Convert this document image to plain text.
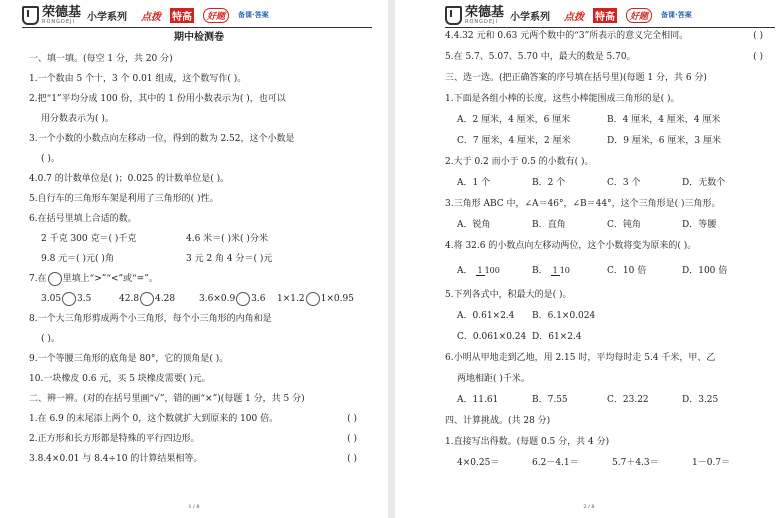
荣德基
RONGDEJI	小学系列 点拨 特高	好题	备课·答案
期中检测卷
一、填一填。(每空 1 分，共 20 分)
1.一个数由 5 个十，3 个 0.01 组成，这个数写作( )。
2.把“1”平均分成 100 份，其中的 1 份用小数表示为( )，也可以
用分数表示为( )。
3.一个小数的小数点向左移动一位，得到的数为 2.52，这个小数是
( )。
4.0.7 的计数单位是( )；0.025 的计数单位是( )。
5.自行车的三角形车架是利用了三角形的( )性。
6.在括号里填上合适的数。
2 千克 300 克＝( )千克	4.6 米＝( )米( )分米
9.8 元＝( )元( )角	3 元 2 角 4 分＝( )元
7.在 里填上“>”“<”或“=”。
3.05 3.5	42.8 4.28	3.6×0.9 3.6	1×1.2 1×0.95
8.一个大三角形剪成两个小三角形，每个小三角形的内角和是
( )。
9.一个等腰三角形的底角是 80°，它的顶角是( )。
10.一块橡皮 0.6 元，买 5 块橡皮需要( )元。
二、辨一辨。(对的在括号里画“√”，错的画“×”)(每题 1 分，共 5 分)
1.在 6.9 的末尾添上两个 0，这个数就扩大到原来的 100 倍。	( )
2.正方形和长方形都是特殊的平行四边形。	( )
3.8.4×0.01 与 8.4÷10 的计算结果相等。	( )
1 / 8
荣德基
RONGDEJI	小学系列 点拨 特高	好题	备课·答案
4.4.32 元和 0.63 元两个数中的“3”所表示的意义完全相同。	( )
5.在 5.7、5.07、5.70 中，最大的数是 5.70。	( )
三、选一选。(把正确答案的序号填在括号里)(每题 1 分，共 6 分)
1.下面是各组小棒的长度，这些小棒能围成三角形的是( )。
A．2 厘米，4 厘米，6 厘米	B．4 厘米，4 厘米，4 厘米
C．7 厘米，4 厘米，2 厘米	D．9 厘米，6 厘米，3 厘米
2.大于 0.2 而小于 0.5 的小数有( )。
A．1 个	B．2 个	C．3 个	D．无数个
3.三角形 ABC 中，∠A＝46°，∠B＝44°，这个三角形是( )三角形。
A．锐角	B．直角	C．钝角	D．等腰
4.将 32.6 的小数点向左移动两位，这个小数将变为原来的( )。
A． 1 100	B． 1 10	C．10 倍	D．100 倍
5.下列各式中，积最大的是( )。
A．0.61×2.4	B．6.1×0.024
C．0.061×0.24 D．61×2.4
6.小明从甲地走到乙地，用 2.15 时，平均每时走 5.4 千米，甲、乙
两地相距( )千米。
A．11.61	B．7.55	C．23.22	D．3.25
四、计算挑战。(共 28 分)
1.直接写出得数。(每题 0.5 分，共 4 分)
4×0.25＝	6.2－4.1＝	5.7＋4.3＝	1－0.7＝
2 / 8
